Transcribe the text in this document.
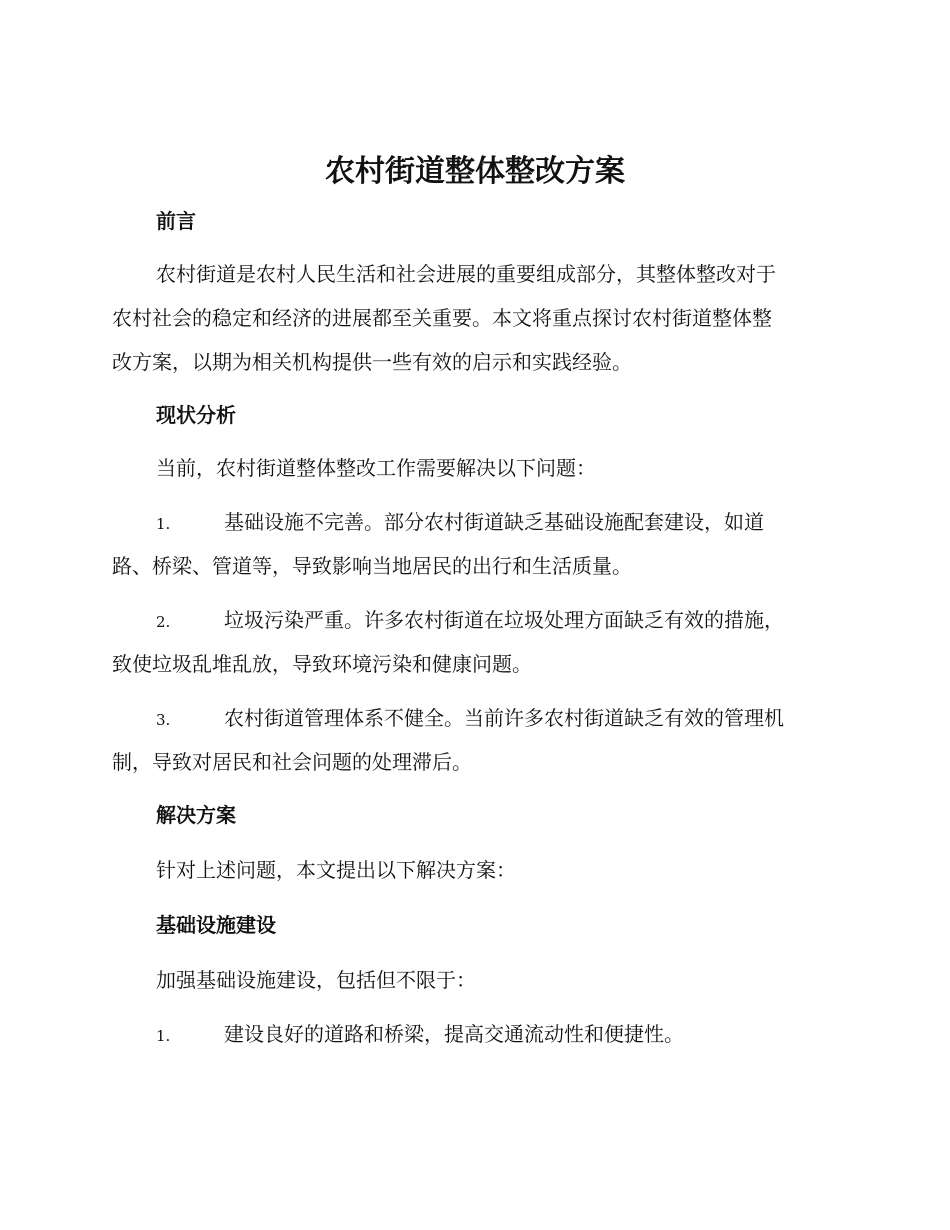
农村街道整体整改方案
前言
农村街道是农村人民生活和社会进展的重要组成部分，其整体整改对于
农村社会的稳定和经济的进展都至关重要。本文将重点探讨农村街道整体整
改方案，以期为相关机构提供一些有效的启示和实践经验。
现状分析
当前，农村街道整体整改工作需要解决以下问题：
1.	基础设施不完善。部分农村街道缺乏基础设施配套建设，如道
路、桥梁、管道等，导致影响当地居民的出行和生活质量。
2.	垃圾污染严重。许多农村街道在垃圾处理方面缺乏有效的措施，
致使垃圾乱堆乱放，导致环境污染和健康问题。
3.	农村街道管理体系不健全。当前许多农村街道缺乏有效的管理机
制，导致对居民和社会问题的处理滞后。
解决方案
针对上述问题，本文提出以下解决方案：
基础设施建设
加强基础设施建设，包括但不限于：
1.	建设良好的道路和桥梁，提高交通流动性和便捷性。
